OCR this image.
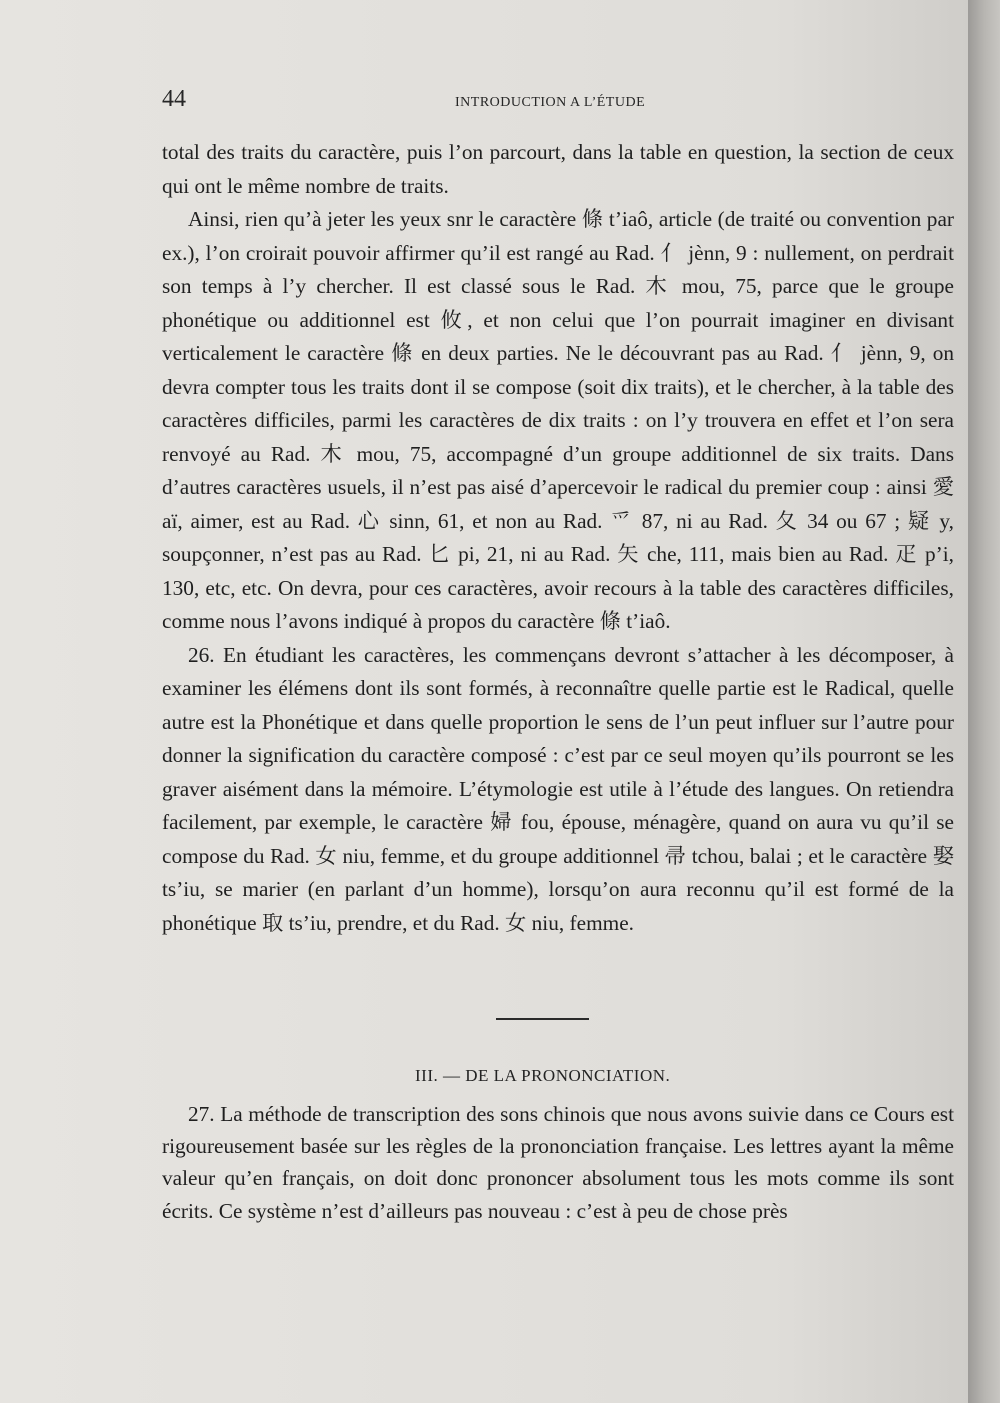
44	INTRODUCTION A L’ÉTUDE

total des traits du caractère, puis l’on parcourt, dans la table en question, la section de ceux qui ont le même nombre de traits.

Ainsi, rien qu’à jeter les yeux snr le caractère 條 t’iaô, article (de traité ou convention par ex.), l’on croirait pouvoir affirmer qu’il est rangé au Rad. 亻 jènn, 9 : nullement, on perdrait son temps à l’y chercher. Il est classé sous le Rad. 木 mou, 75, parce que le groupe phonétique ou additionnel est 攸, et non celui que l’on pourrait imaginer en divisant verticalement le caractère 條 en deux parties. Ne le découvrant pas au Rad. 亻 jènn, 9, on devra compter tous les traits dont il se compose (soit dix traits), et le chercher, à la table des caractères difficiles, parmi les caractères de dix traits : on l’y trouvera en effet et l’on sera renvoyé au Rad. 木 mou, 75, accompagné d’un groupe additionnel de six traits. Dans d’autres caractères usuels, il n’est pas aisé d’apercevoir le radical du premier coup : ainsi 愛 aï, aimer, est au Rad. 心 sinn, 61, et non au Rad. 爫 87, ni au Rad. 夂 34 ou 67 ; 疑 y, soupçonner, n’est pas au Rad. 匕 pi, 21, ni au Rad. 矢 che, 111, mais bien au Rad. 疋 p’i, 130, etc, etc. On devra, pour ces caractères, avoir recours à la table des caractères difficiles, comme nous l’avons indiqué à propos du caractère 條 t’iaô.

26. En étudiant les caractères, les commençans devront s’attacher à les décomposer, à examiner les élémens dont ils sont formés, à reconnaître quelle partie est le Radical, quelle autre est la Phonétique et dans quelle proportion le sens de l’un peut influer sur l’autre pour donner la signification du caractère composé : c’est par ce seul moyen qu’ils pourront se les graver aisément dans la mémoire. L’étymologie est utile à l’étude des langues. On retiendra facilement, par exemple, le caractère 婦 fou, épouse, ménagère, quand on aura vu qu’il se compose du Rad. 女 niu, femme, et du groupe additionnel 帚 tchou, balai ; et le caractère 娶 ts’iu, se marier (en parlant d’un homme), lorsqu’on aura reconnu qu’il est formé de la phonétique 取 ts’iu, prendre, et du Rad. 女 niu, femme.

III. — DE LA PRONONCIATION.

27. La méthode de transcription des sons chinois que nous avons suivie dans ce Cours est rigoureusement basée sur les règles de la prononciation française. Les lettres ayant la même valeur qu’en français, on doit donc prononcer absolument tous les mots comme ils sont écrits. Ce système n’est d’ailleurs pas nouveau : c’est à peu de chose près
